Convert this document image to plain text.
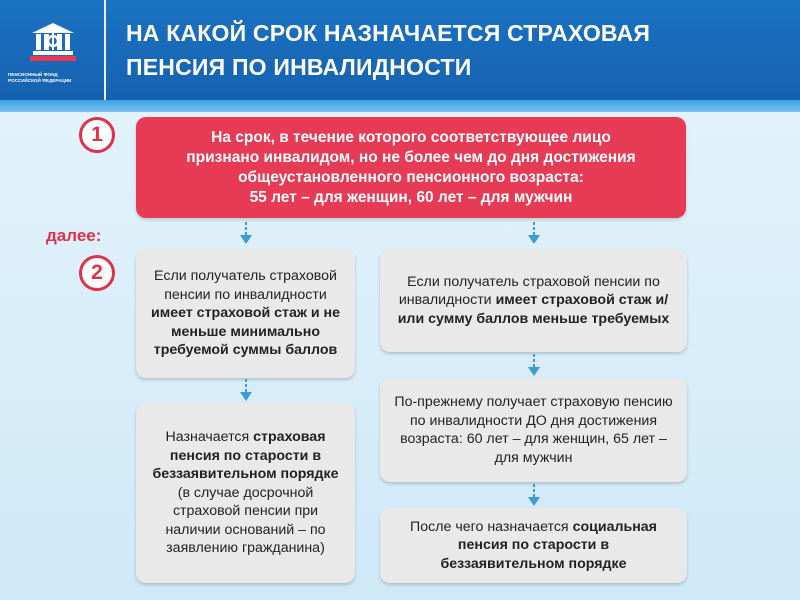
ПЕНСИОННЫЙ ФОНД
РОССИЙСКОЙ ФЕДЕРАЦИИ
НА КАКОЙ СРОК НАЗНАЧАЕТСЯ СТРАХОВАЯ
ПЕНСИЯ ПО ИНВАЛИДНОСТИ
1
далее:
2
На срок, в течение которого соответствующее лицо
признано инвалидом, но не более чем до дня достижения
общеустановленного пенсионного возраста:
55 лет – для женщин, 60 лет – для мужчин
Если получатель страховой пенсии по инвалидности имеет страховой стаж и не меньше минимально требуемой суммы баллов
Назначается страховая пенсия по старости в беззаявительном порядке (в случае досрочной страховой пенсии при наличии оснований – по заявлению гражданина)
Если получатель страховой пенсии по инвалидности имеет страховой стаж и/или сумму баллов меньше требуемых
По-прежнему получает страховую пенсию по инвалидности ДО дня достижения возраста: 60 лет – для женщин, 65 лет – для мужчин
После чего назначается социальная пенсия по старости в беззаявительном порядке
